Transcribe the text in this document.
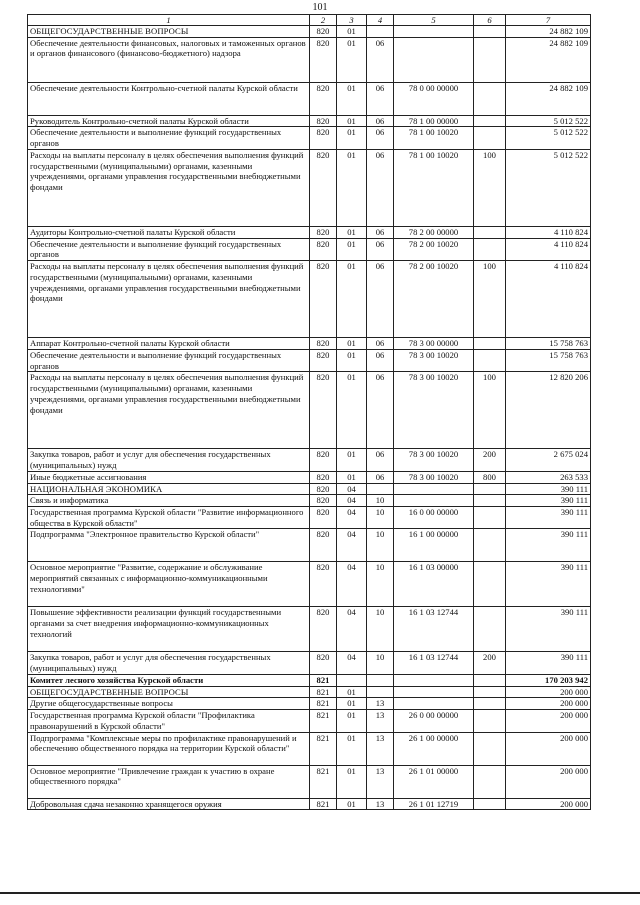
101
1	2	3	4	5	6	7
ОБЩЕГОСУДАРСТВЕННЫЕ ВОПРОСЫ	820	01				24 882 109
Обеспечение деятельности финансовых, налоговых и таможенных органов и органов финансового (финансово-бюджетного) надзора	820	01	06			24 882 109
Обеспечение деятельности Контрольно-счетной палаты Курской области	820	01	06	78 0 00 00000		24 882 109
Руководитель Контрольно-счетной палаты Курской области	820	01	06	78 1 00 00000		5 012 522
Обеспечение деятельности и выполнение функций государственных органов	820	01	06	78 1 00 10020		5 012 522
Расходы на выплаты персоналу в целях обеспечения выполнения функций государственными (муниципальными) органами, казенными учреждениями, органами управления государственными внебюджетными фондами	820	01	06	78 1 00 10020	100	5 012 522
Аудиторы Контрольно-счетной палаты Курской области	820	01	06	78 2 00 00000		4 110 824
Обеспечение деятельности и выполнение функций государственных органов	820	01	06	78 2 00 10020		4 110 824
Расходы на выплаты персоналу в целях обеспечения выполнения функций государственными (муниципальными) органами, казенными учреждениями, органами управления государственными внебюджетными фондами	820	01	06	78 2 00 10020	100	4 110 824
Аппарат Контрольно-счетной палаты Курской области	820	01	06	78 3 00 00000		15 758 763
Обеспечение деятельности и выполнение функций государственных органов	820	01	06	78 3 00 10020		15 758 763
Расходы на выплаты персоналу в целях обеспечения выполнения функций государственными (муниципальными) органами, казенными учреждениями, органами управления государственными внебюджетными фондами	820	01	06	78 3 00 10020	100	12 820 206
Закупка товаров, работ и услуг для обеспечения государственных (муниципальных) нужд	820	01	06	78 3 00 10020	200	2 675 024
Иные бюджетные ассигнования	820	01	06	78 3 00 10020	800	263 533
НАЦИОНАЛЬНАЯ ЭКОНОМИКА	820	04				390 111
Связь и информатика	820	04	10			390 111
Государственная программа Курской области "Развитие информационного общества в Курской области"	820	04	10	16 0 00 00000		390 111
Подпрограмма "Электронное правительство Курской области"	820	04	10	16 1 00 00000		390 111
Основное мероприятие "Развитие, содержание и обслуживание мероприятий связанных с информационно-коммуникационными технологиями"	820	04	10	16 1 03 00000		390 111
Повышение эффективности реализации функций государственными органами за счет внедрения информационно-коммуникационных технологий	820	04	10	16 1 03 12744		390 111
Закупка товаров, работ и услуг для обеспечения государственных (муниципальных) нужд	820	04	10	16 1 03 12744	200	390 111
Комитет лесного хозяйства Курской области	821					170 203 942
ОБЩЕГОСУДАРСТВЕННЫЕ ВОПРОСЫ	821	01				200 000
Другие общегосударственные вопросы	821	01	13			200 000
Государственная программа Курской области "Профилактика правонарушений в Курской области"	821	01	13	26 0 00 00000		200 000
Подпрограмма "Комплексные меры по профилактике правонарушений и обеспечению общественного порядка на территории Курской области"	821	01	13	26 1 00 00000		200 000
Основное мероприятие "Привлечение граждан к участию в охране общественного порядка"	821	01	13	26 1 01 00000		200 000
Добровольная сдача незаконно хранящегося оружия	821	01	13	26 1 01 12719		200 000
